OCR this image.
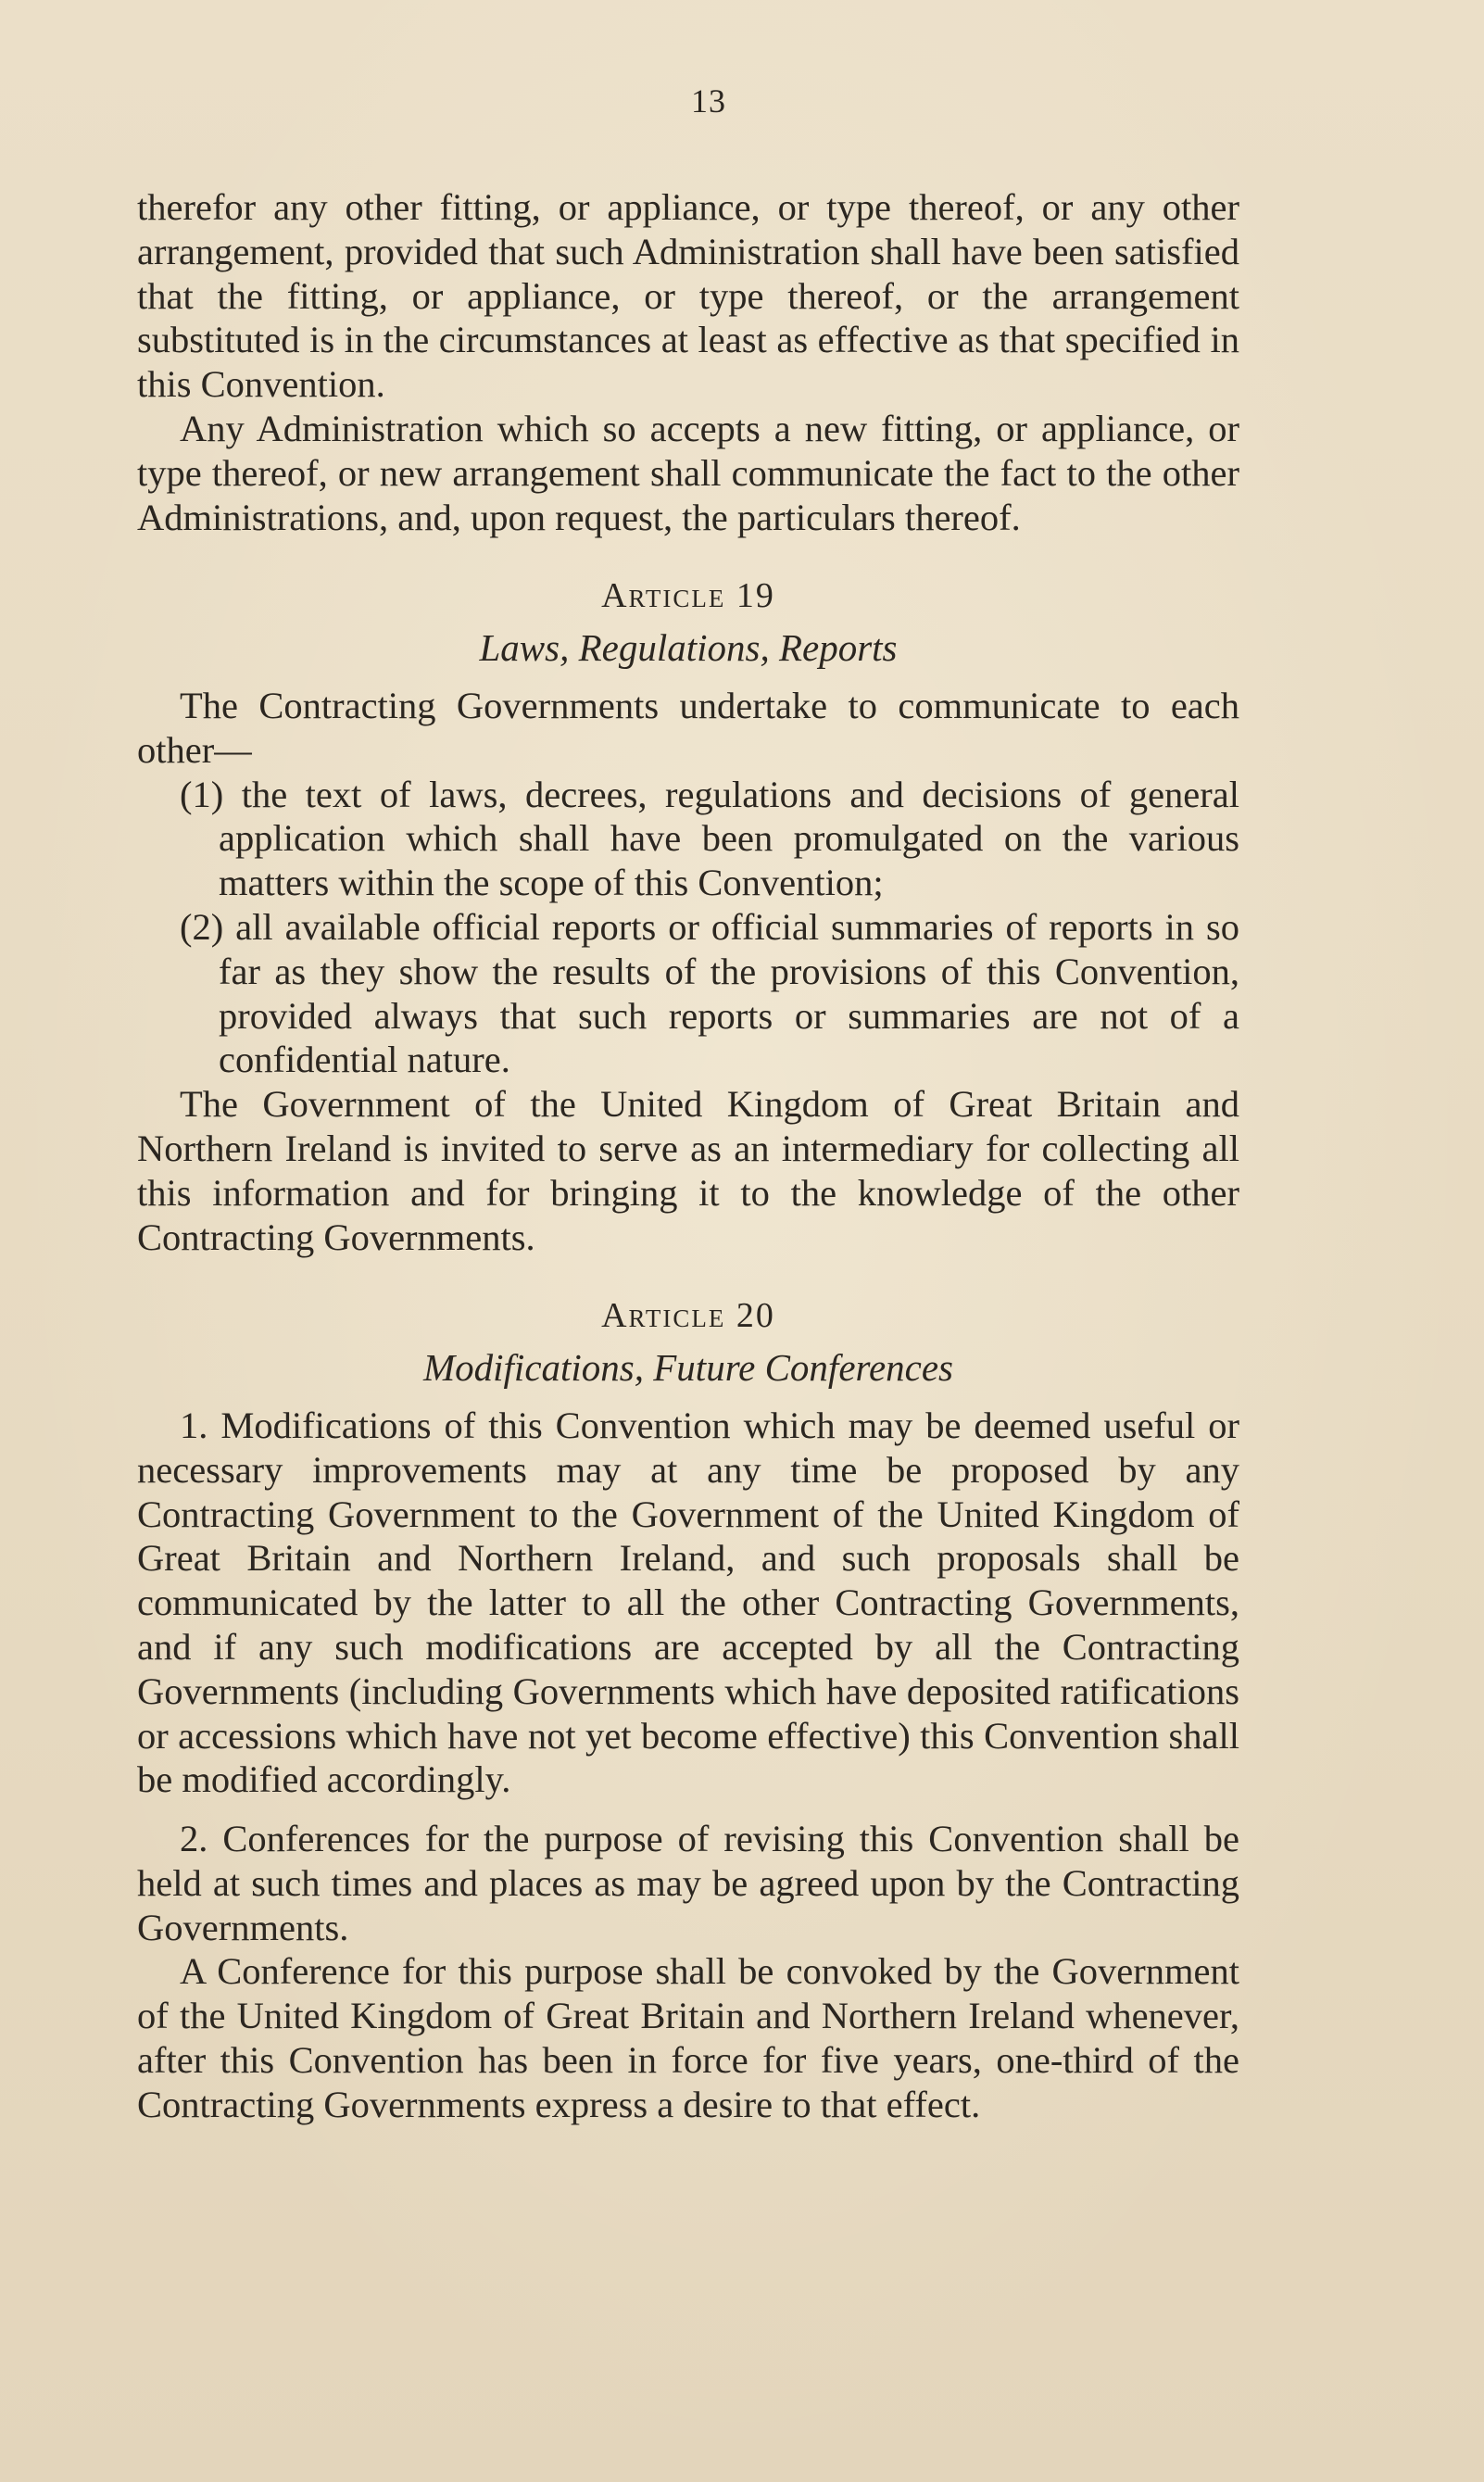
13

therefor any other fitting, or appliance, or type thereof, or any other arrangement, provided that such Administration shall have been satisfied that the fitting, or appliance, or type thereof, or the arrangement substituted is in the circumstances at least as effective as that specified in this Convention.

Any Administration which so accepts a new fitting, or appliance, or type thereof, or new arrangement shall communicate the fact to the other Administrations, and, upon request, the particulars thereof.

Article 19

Laws, Regulations, Reports

The Contracting Governments undertake to communicate to each other—

(1) the text of laws, decrees, regulations and decisions of general application which shall have been promulgated on the various matters within the scope of this Convention;

(2) all available official reports or official summaries of reports in so far as they show the results of the provisions of this Convention, provided always that such reports or summaries are not of a confidential nature.

The Government of the United Kingdom of Great Britain and Northern Ireland is invited to serve as an intermediary for collecting all this information and for bringing it to the knowledge of the other Contracting Governments.

Article 20

Modifications, Future Conferences

1. Modifications of this Convention which may be deemed useful or necessary improvements may at any time be proposed by any Contracting Government to the Government of the United Kingdom of Great Britain and Northern Ireland, and such proposals shall be communicated by the latter to all the other Contracting Governments, and if any such modifications are accepted by all the Contracting Governments (including Governments which have deposited ratifications or accessions which have not yet become effective) this Convention shall be modified accordingly.

2. Conferences for the purpose of revising this Convention shall be held at such times and places as may be agreed upon by the Contracting Governments.

A Conference for this purpose shall be convoked by the Government of the United Kingdom of Great Britain and Northern Ireland whenever, after this Convention has been in force for five years, one-third of the Contracting Governments express a desire to that effect.
